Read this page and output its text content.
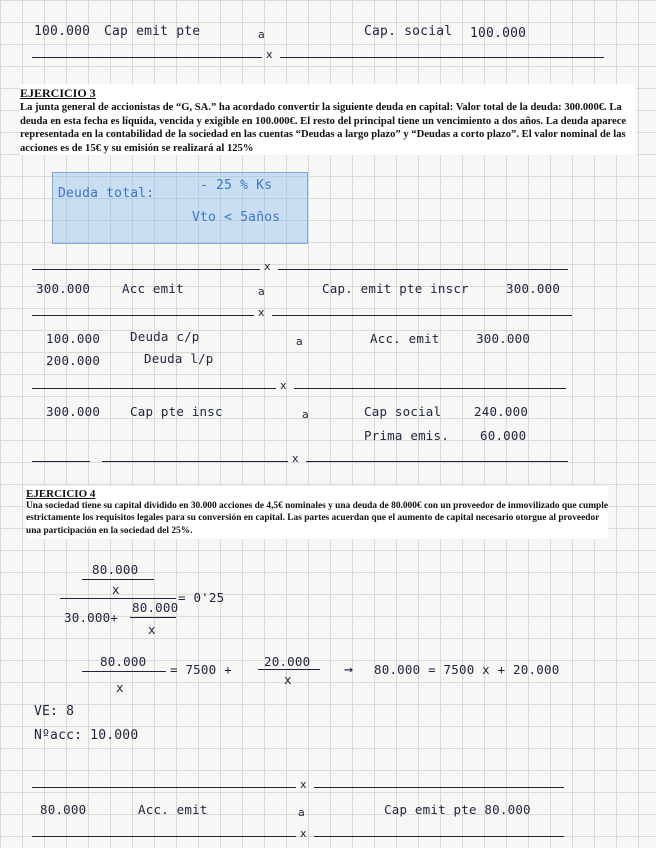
100.000 Cap emit pte	a	Cap. social 100.000
x
EJERCICIO 3
La junta general de accionistas de “G, SA.” ha acordado convertir la siguiente deuda en capital: Valor total de la deuda: 300.000€. La deuda en esta fecha es líquida, vencida y exigible en 100.000€. El resto del principal tiene un vencimiento a dos años. La deuda aparece representada en la contabilidad de la sociedad en las cuentas “Deudas a largo plazo” y “Deudas a corto plazo”. El valor nominal de las acciones es de 15€ y su emisión se realizará al 125%
Deuda total:
- 25 % Ks
Vto < 5años
x
300.000	Acc emit	a	Cap. emit pte inscr	300.000
x
100.000 Deuda c/p	a	Acc. emit	300.000
200.000	Deuda l/p
x
300.000 Cap pte insc	a	Cap social	240.000
Prima emis. 60.000
x
EJERCICIO 4
Una sociedad tiene su capital dividido en 30.000 acciones de 4,5€ nominales y una deuda de 80.000€ con un proveedor de inmovilizado que cumple estrictamente los requisitos legales para su conversión en capital. Las partes acuerdan que el aumento de capital necesario otorgue al proveedor una participación en la sociedad del 25%.
80.000
x
30.000+
80.000
x
= 0'25
80.000
x
= 7500 +
20.000
x
→ 80.000 = 7500 x + 20.000
VE: 8
Nºacc: 10.000
x
80.000	Acc. emit	a	Cap emit pte 80.000
x
